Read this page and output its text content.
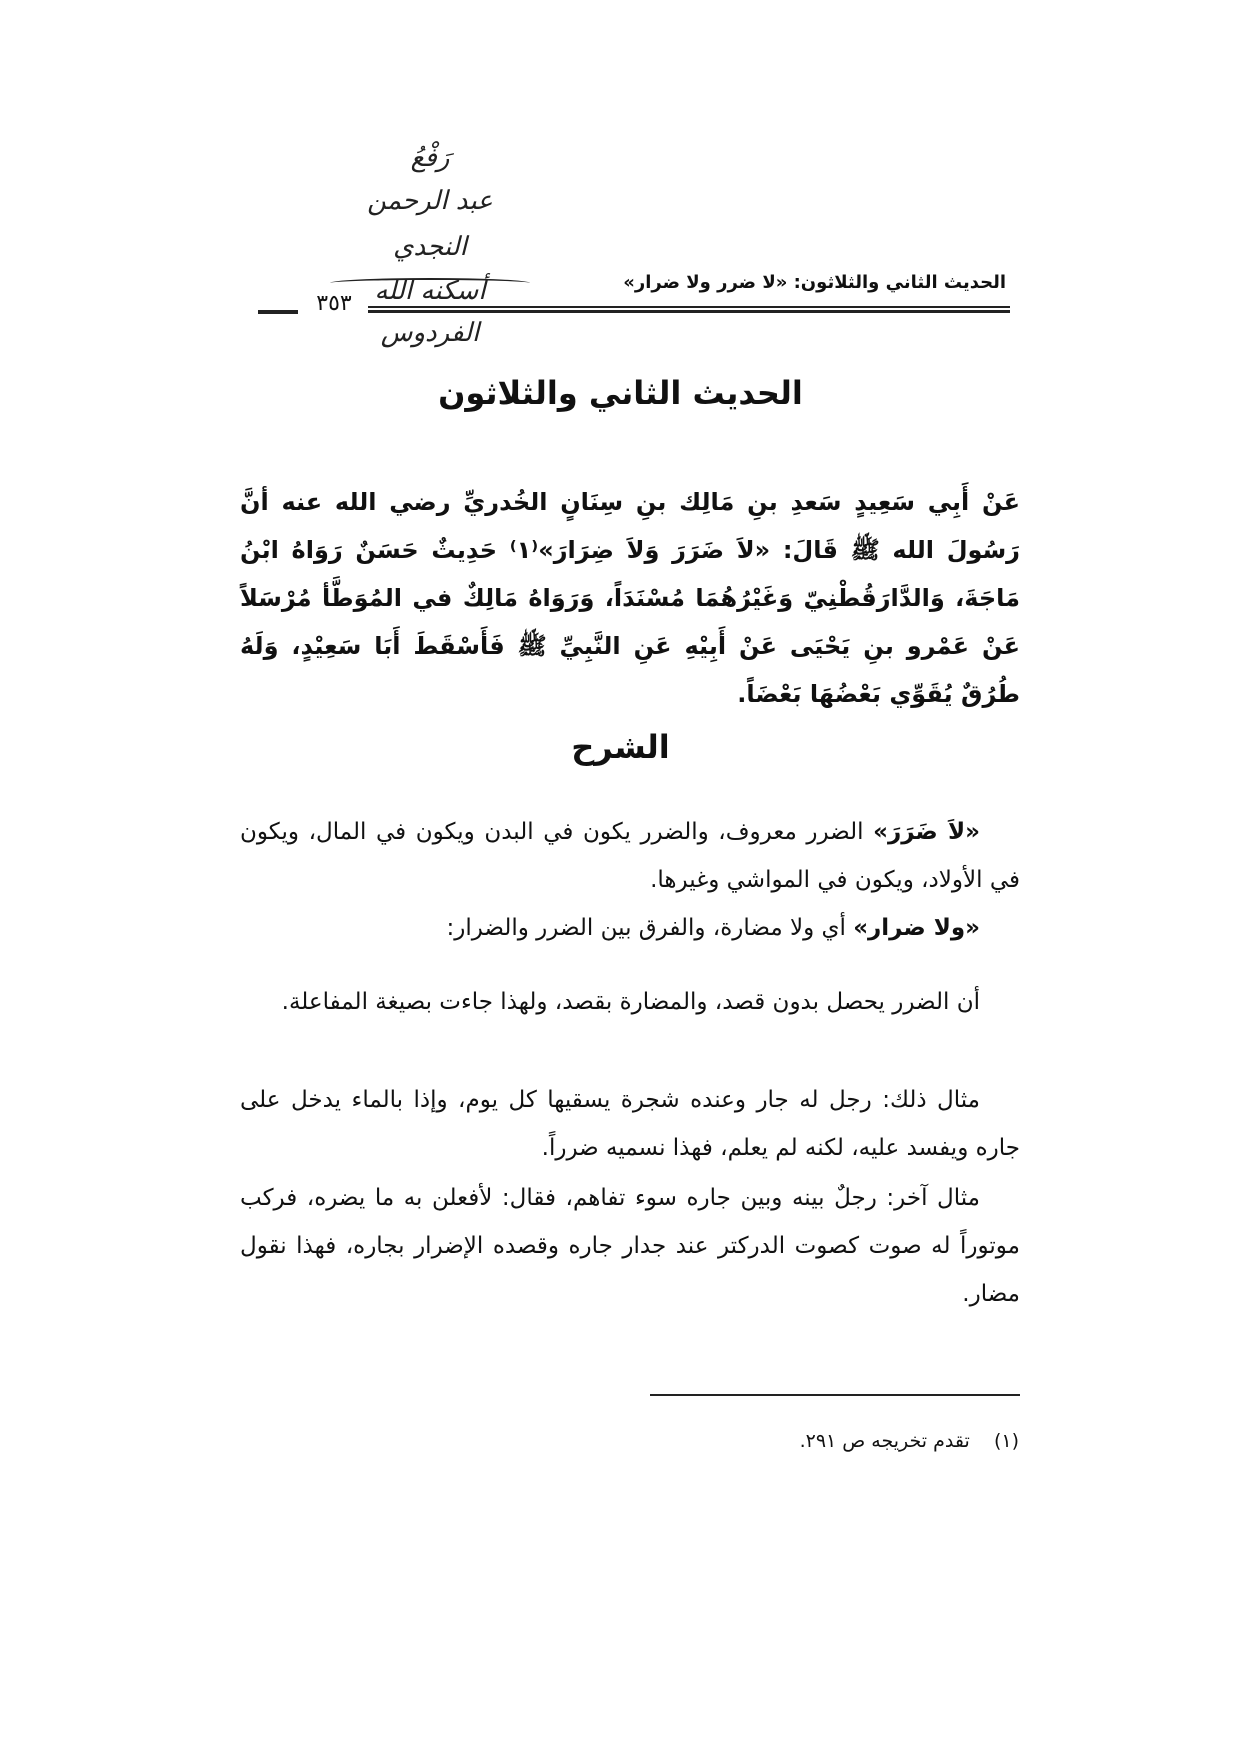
رَفْعُ
عبد الرحمن النجدي
أسكنه الله الفردوس
الحديث الثاني والثلاثون: «لا ضرر ولا ضرار»
٣٥٣
الحديث الثاني والثلاثون
عَنْ أَبِي سَعِيدٍ سَعدِ بنِ مَالِك بنِ سِنَانٍ الخُدريِّ رضي الله عنه أنَّ رَسُولَ الله ﷺ قَالَ: «لاَ ضَرَرَ وَلاَ ضِرَارَ»⁽١⁾ حَدِيثٌ حَسَنٌ رَوَاهُ ابْنُ مَاجَةَ، وَالدَّارَقُطْنِيّ وَغَيْرُهُمَا مُسْنَدَاً، وَرَوَاهُ مَالِكٌ في المُوَطَّأ مُرْسَلاً عَنْ عَمْرو بنِ يَحْيَى عَنْ أَبِيْهِ عَنِ النَّبِيِّ ﷺ فَأَسْقَطَ أَبَا سَعِيْدٍ، وَلَهُ طُرُقٌ يُقَوِّي بَعْضُهَا بَعْضَاً.
الشرح
«لاَ ضَرَرَ» الضرر معروف، والضرر يكون في البدن ويكون في المال، ويكون في الأولاد، ويكون في المواشي وغيرها.
«ولا ضرار» أي ولا مضارة، والفرق بين الضرر والضرار:
أن الضرر يحصل بدون قصد، والمضارة بقصد، ولهذا جاءت بصيغة المفاعلة.
مثال ذلك: رجل له جار وعنده شجرة يسقيها كل يوم، وإذا بالماء يدخل على جاره ويفسد عليه، لكنه لم يعلم، فهذا نسميه ضرراً.
مثال آخر: رجلٌ بينه وبين جاره سوء تفاهم، فقال: لأفعلن به ما يضره، فركب موتوراً له صوت كصوت الدركتر عند جدار جاره وقصده الإضرار بجاره، فهذا نقول مضار.
(١)    تقدم تخريجه ص ٢٩١.
